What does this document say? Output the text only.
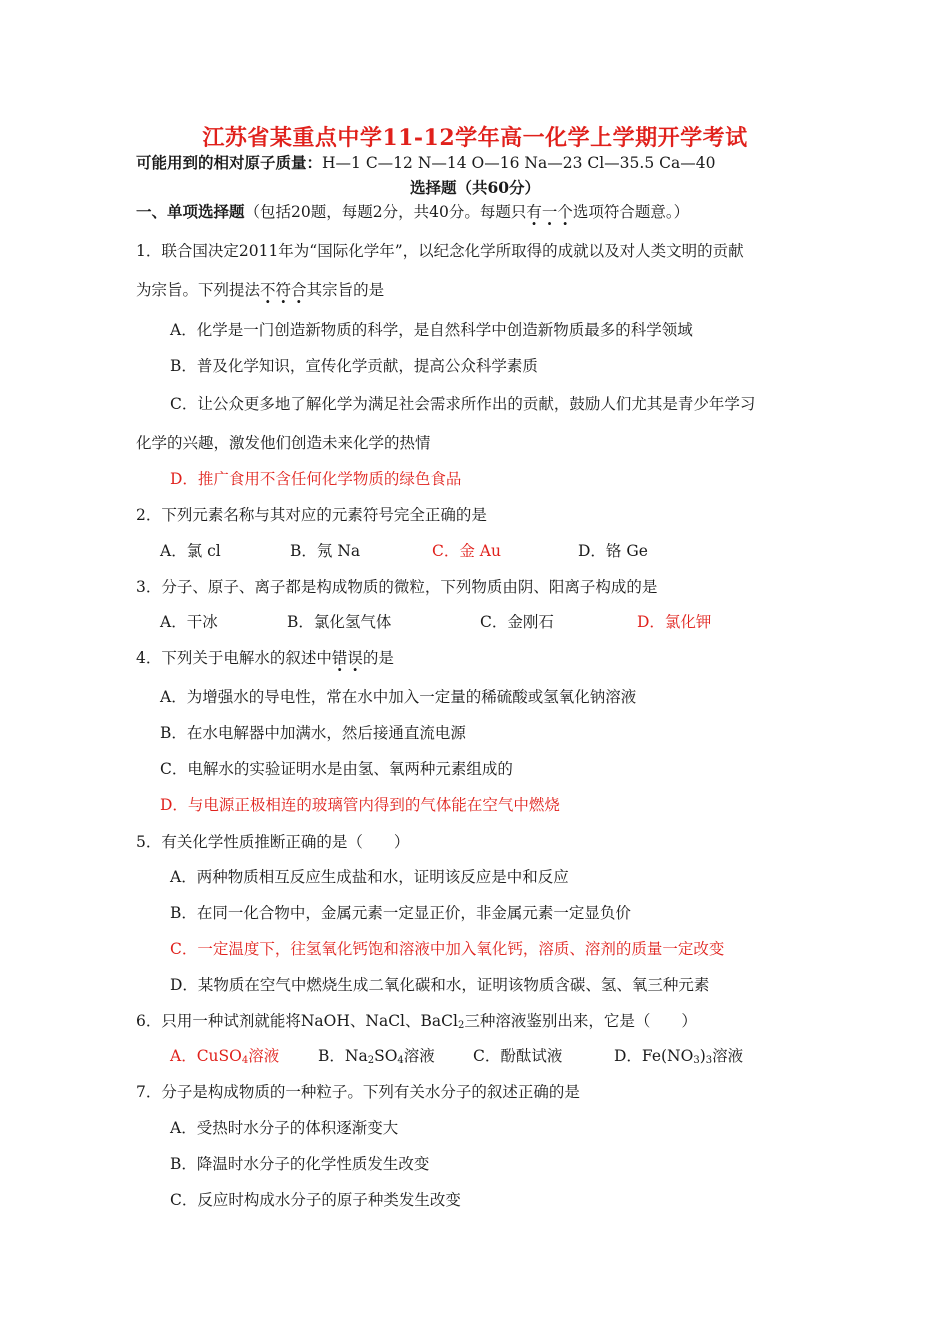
江苏省某重点中学11-12学年高一化学上学期开学考试
可能用到的相对原子质量：H—1 C—12 N—14 O—16 Na—23 Cl—35.5 Ca—40
选择题（共60分）
一、单项选择题（包括20题，每题2分，共40分。每题只有一个选项符合题意。）
1．联合国决定2011年为“国际化学年”，以纪念化学所取得的成就以及对人类文明的贡献
为宗旨。下列提法不符合其宗旨的是
A．化学是一门创造新物质的科学，是自然科学中创造新物质最多的科学领域
B．普及化学知识，宣传化学贡献，提高公众科学素质
C．让公众更多地了解化学为满足社会需求所作出的贡献，鼓励人们尤其是青少年学习
化学的兴趣，激发他们创造未来化学的热情
D．推广食用不含任何化学物质的绿色食品
2．下列元素名称与其对应的元素符号完全正确的是
A．氯 cl	B．氖 Na	C．金 Au	D．铬 Ge
3．分子、原子、离子都是构成物质的微粒，下列物质由阴、阳离子构成的是
A．干冰	B．氯化氢气体	C．金刚石	D．氯化钾
4．下列关于电解水的叙述中错误的是
A．为增强水的导电性，常在水中加入一定量的稀硫酸或氢氧化钠溶液
B．在水电解器中加满水，然后接通直流电源
C．电解水的实验证明水是由氢、氧两种元素组成的
D．与电源正极相连的玻璃管内得到的气体能在空气中燃烧
5．有关化学性质推断正确的是（　　）
A．两种物质相互反应生成盐和水，证明该反应是中和反应
B．在同一化合物中，金属元素一定显正价，非金属元素一定显负价
C．一定温度下，往氢氧化钙饱和溶液中加入氧化钙，溶质、溶剂的质量一定改变
D．某物质在空气中燃烧生成二氧化碳和水，证明该物质含碳、氢、氧三种元素
6．只用一种试剂就能将NaOH、NaCl、BaCl$_2$三种溶液鉴别出来，它是（　　）
A．CuSO$_4$溶液 B．$Na_2SO_4$溶液 C．酚酞试液	D．$Fe(NO_3)_3$溶液
7．分子是构成物质的一种粒子。下列有关水分子的叙述正确的是
A．受热时水分子的体积逐渐变大
B．降温时水分子的化学性质发生改变
C．反应时构成水分子的原子种类发生改变
